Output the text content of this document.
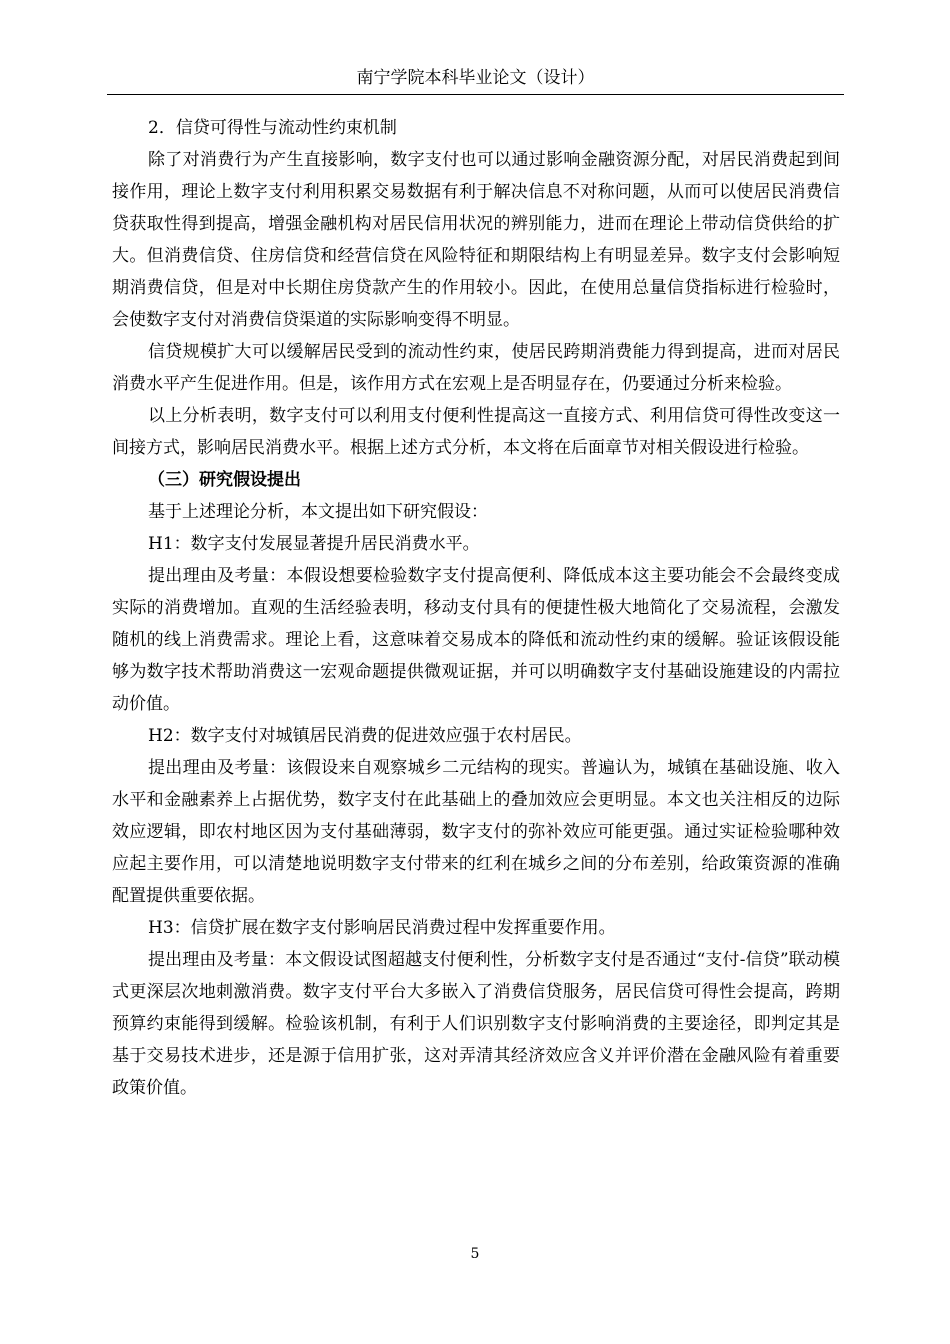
南宁学院本科毕业论文（设计）

2．信贷可得性与流动性约束机制

除了对消费行为产生直接影响，数字支付也可以通过影响金融资源分配，对居民消费起到间接作用，理论上数字支付利用积累交易数据有利于解决信息不对称问题，从而可以使居民消费信贷获取性得到提高，增强金融机构对居民信用状况的辨别能力，进而在理论上带动信贷供给的扩大。但消费信贷、住房信贷和经营信贷在风险特征和期限结构上有明显差异。数字支付会影响短期消费信贷，但是对中长期住房贷款产生的作用较小。因此，在使用总量信贷指标进行检验时，会使数字支付对消费信贷渠道的实际影响变得不明显。

信贷规模扩大可以缓解居民受到的流动性约束，使居民跨期消费能力得到提高，进而对居民消费水平产生促进作用。但是，该作用方式在宏观上是否明显存在，仍要通过分析来检验。

以上分析表明，数字支付可以利用支付便利性提高这一直接方式、利用信贷可得性改变这一间接方式，影响居民消费水平。根据上述方式分析，本文将在后面章节对相关假设进行检验。

（三）研究假设提出

基于上述理论分析，本文提出如下研究假设：

H1：数字支付发展显著提升居民消费水平。

提出理由及考量：本假设想要检验数字支付提高便利、降低成本这主要功能会不会最终变成实际的消费增加。直观的生活经验表明，移动支付具有的便捷性极大地简化了交易流程，会激发随机的线上消费需求。理论上看，这意味着交易成本的降低和流动性约束的缓解。验证该假设能够为数字技术帮助消费这一宏观命题提供微观证据，并可以明确数字支付基础设施建设的内需拉动价值。

H2：数字支付对城镇居民消费的促进效应强于农村居民。

提出理由及考量：该假设来自观察城乡二元结构的现实。普遍认为，城镇在基础设施、收入水平和金融素养上占据优势，数字支付在此基础上的叠加效应会更明显。本文也关注相反的边际效应逻辑，即农村地区因为支付基础薄弱，数字支付的弥补效应可能更强。通过实证检验哪种效应起主要作用，可以清楚地说明数字支付带来的红利在城乡之间的分布差别，给政策资源的准确配置提供重要依据。

H3：信贷扩展在数字支付影响居民消费过程中发挥重要作用。

提出理由及考量：本文假设试图超越支付便利性，分析数字支付是否通过“支付-信贷”联动模式更深层次地刺激消费。数字支付平台大多嵌入了消费信贷服务，居民信贷可得性会提高，跨期预算约束能得到缓解。检验该机制，有利于人们识别数字支付影响消费的主要途径，即判定其是基于交易技术进步，还是源于信用扩张，这对弄清其经济效应含义并评价潜在金融风险有着重要政策价值。

5
